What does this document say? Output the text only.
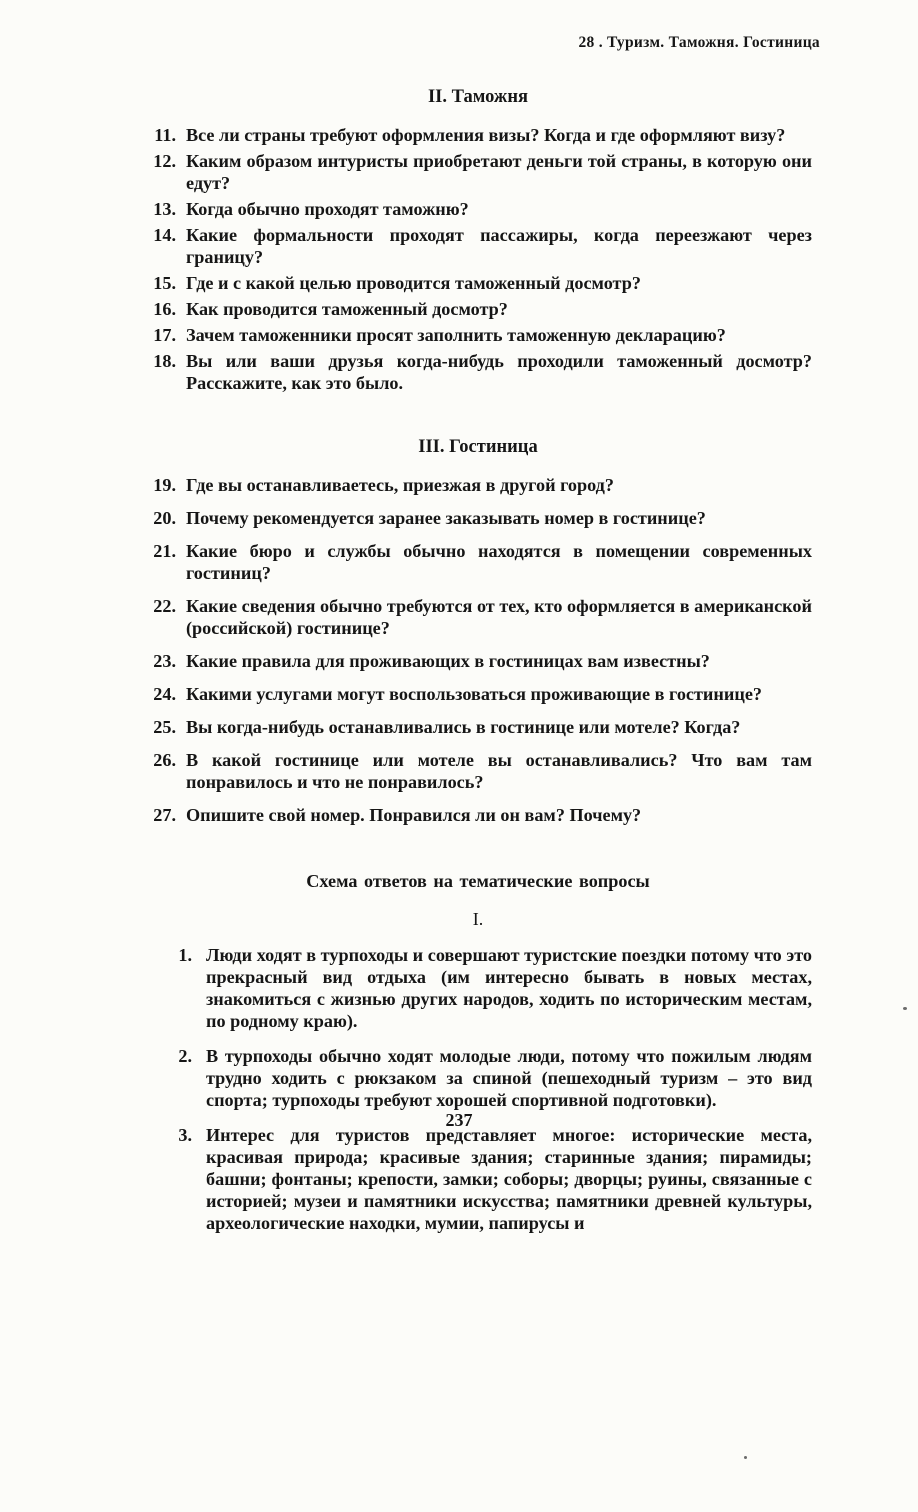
28 . Туризм. Таможня. Гостиница
II. Таможня
11. Все ли страны требуют оформления визы? Когда и где оформляют визу?
12. Каким образом интуристы приобретают деньги той страны, в которую они едут?
13. Когда обычно проходят таможню?
14. Какие формальности проходят пассажиры, когда переезжают через границу?
15. Где и с какой целью проводится таможенный досмотр?
16. Как проводится таможенный досмотр?
17. Зачем таможенники просят заполнить таможенную декларацию?
18. Вы или ваши друзья когда-нибудь проходили таможенный досмотр? Расскажите, как это было.
III. Гостиница
19. Где вы останавливаетесь, приезжая в другой город?
20. Почему рекомендуется заранее заказывать номер в гостинице?
21. Какие бюро и службы обычно находятся в помещении современных гостиниц?
22. Какие сведения обычно требуются от тех, кто оформляется в американской (российской) гостинице?
23. Какие правила для проживающих в гостиницах вам известны?
24. Какими услугами могут воспользоваться проживающие в гостинице?
25. Вы когда-нибудь останавливались в гостинице или мотеле? Когда?
26. В какой гостинице или мотеле вы останавливались? Что вам там понравилось и что не понравилось?
27. Опишите свой номер. Понравился ли он вам? Почему?
Схема ответов на тематические вопросы
I.
1. Люди ходят в турпоходы и совершают туристские поездки потому что это прекрасный вид отдыха (им интересно бывать в новых местах, знакомиться с жизнью других народов, ходить по историческим местам, по родному краю).
2. В турпоходы обычно ходят молодые люди, потому что пожилым людям трудно ходить с рюкзаком за спиной (пешеходный туризм – это вид спорта; турпоходы требуют хорошей спортивной подготовки).
3. Интерес для туристов представляет многое: исторические места, красивая природа; красивые здания; старинные здания; пирамиды; башни; фонтаны; крепости, замки; соборы; дворцы; руины, связанные с историей; музеи и памятники искусства; памятники древней культуры, археологические находки, мумии, папирусы и
237
